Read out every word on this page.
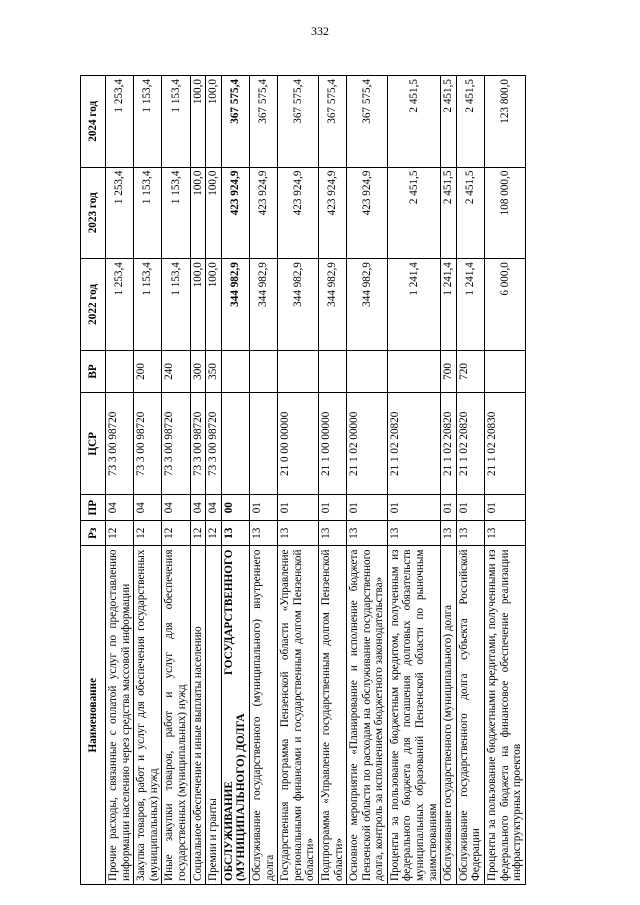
332
Наименование	Рз	ПР	ЦСР	ВР	2022 год	2023 год	2024 год
Прочие расходы, связанные с оплатой услуг по предоставлению информации населению через средства массовой информации	12	04	73 3 00 98720		1 253,4	1 253,4	1 253,4
Закупка товаров, работ и услуг для обеспечения государственных (муниципальных) нужд	12	04	73 3 00 98720	200	1 153,4	1 153,4	1 153,4
Иные закупки товаров, работ и услуг для обеспечения государственных (муниципальных) нужд	12	04	73 3 00 98720	240	1 153,4	1 153,4	1 153,4
Социальное обеспечение и иные выплаты населению	12	04	73 3 00 98720	300	100,0	100,0	100,0
Премии и гранты	12	04	73 3 00 98720	350	100,0	100,0	100,0
ОБСЛУЖИВАНИЕ ГОСУДАРСТВЕННОГО (МУНИЦИПАЛЬНОГО) ДОЛГА	13	00			344 982,9	423 924,9	367 575,4
Обслуживание государственного (муниципального) внутреннего долга	13	01			344 982,9	423 924,9	367 575,4
Государственная программа Пензенской области «Управление региональными финансами и государственным долгом Пензенской области»	13	01	21 0 00 00000		344 982,9	423 924,9	367 575,4
Подпрограмма «Управление государственным долгом Пензенской области»	13	01	21 1 00 00000		344 982,9	423 924,9	367 575,4
Основное мероприятие «Планирование и исполнение бюджета Пензенской области по расходам на обслуживание государственного долга, контроль за исполнением бюджетного законодательства»	13	01	21 1 02 00000		344 982,9	423 924,9	367 575,4
Проценты за пользование бюджетным кредитом, полученным из федерального бюджета для погашения долговых обязательств муниципальных образований Пензенской области по рыночным заимствованиям	13	01	21 1 02 20820		1 241,4	2 451,5	2 451,5
Обслуживание государственного (муниципального) долга	13	01	21 1 02 20820	700	1 241,4	2 451,5	2 451,5
Обслуживание государственного долга субъекта Российской Федерации	13	01	21 1 02 20820	720	1 241,4	2 451,5	2 451,5
Проценты за пользование бюджетными кредитами, полученными из федерального бюджета на финансовое обеспечение реализации инфраструктурных проектов	13	01	21 1 02 20830		6 000,0	108 000,0	123 800,0
